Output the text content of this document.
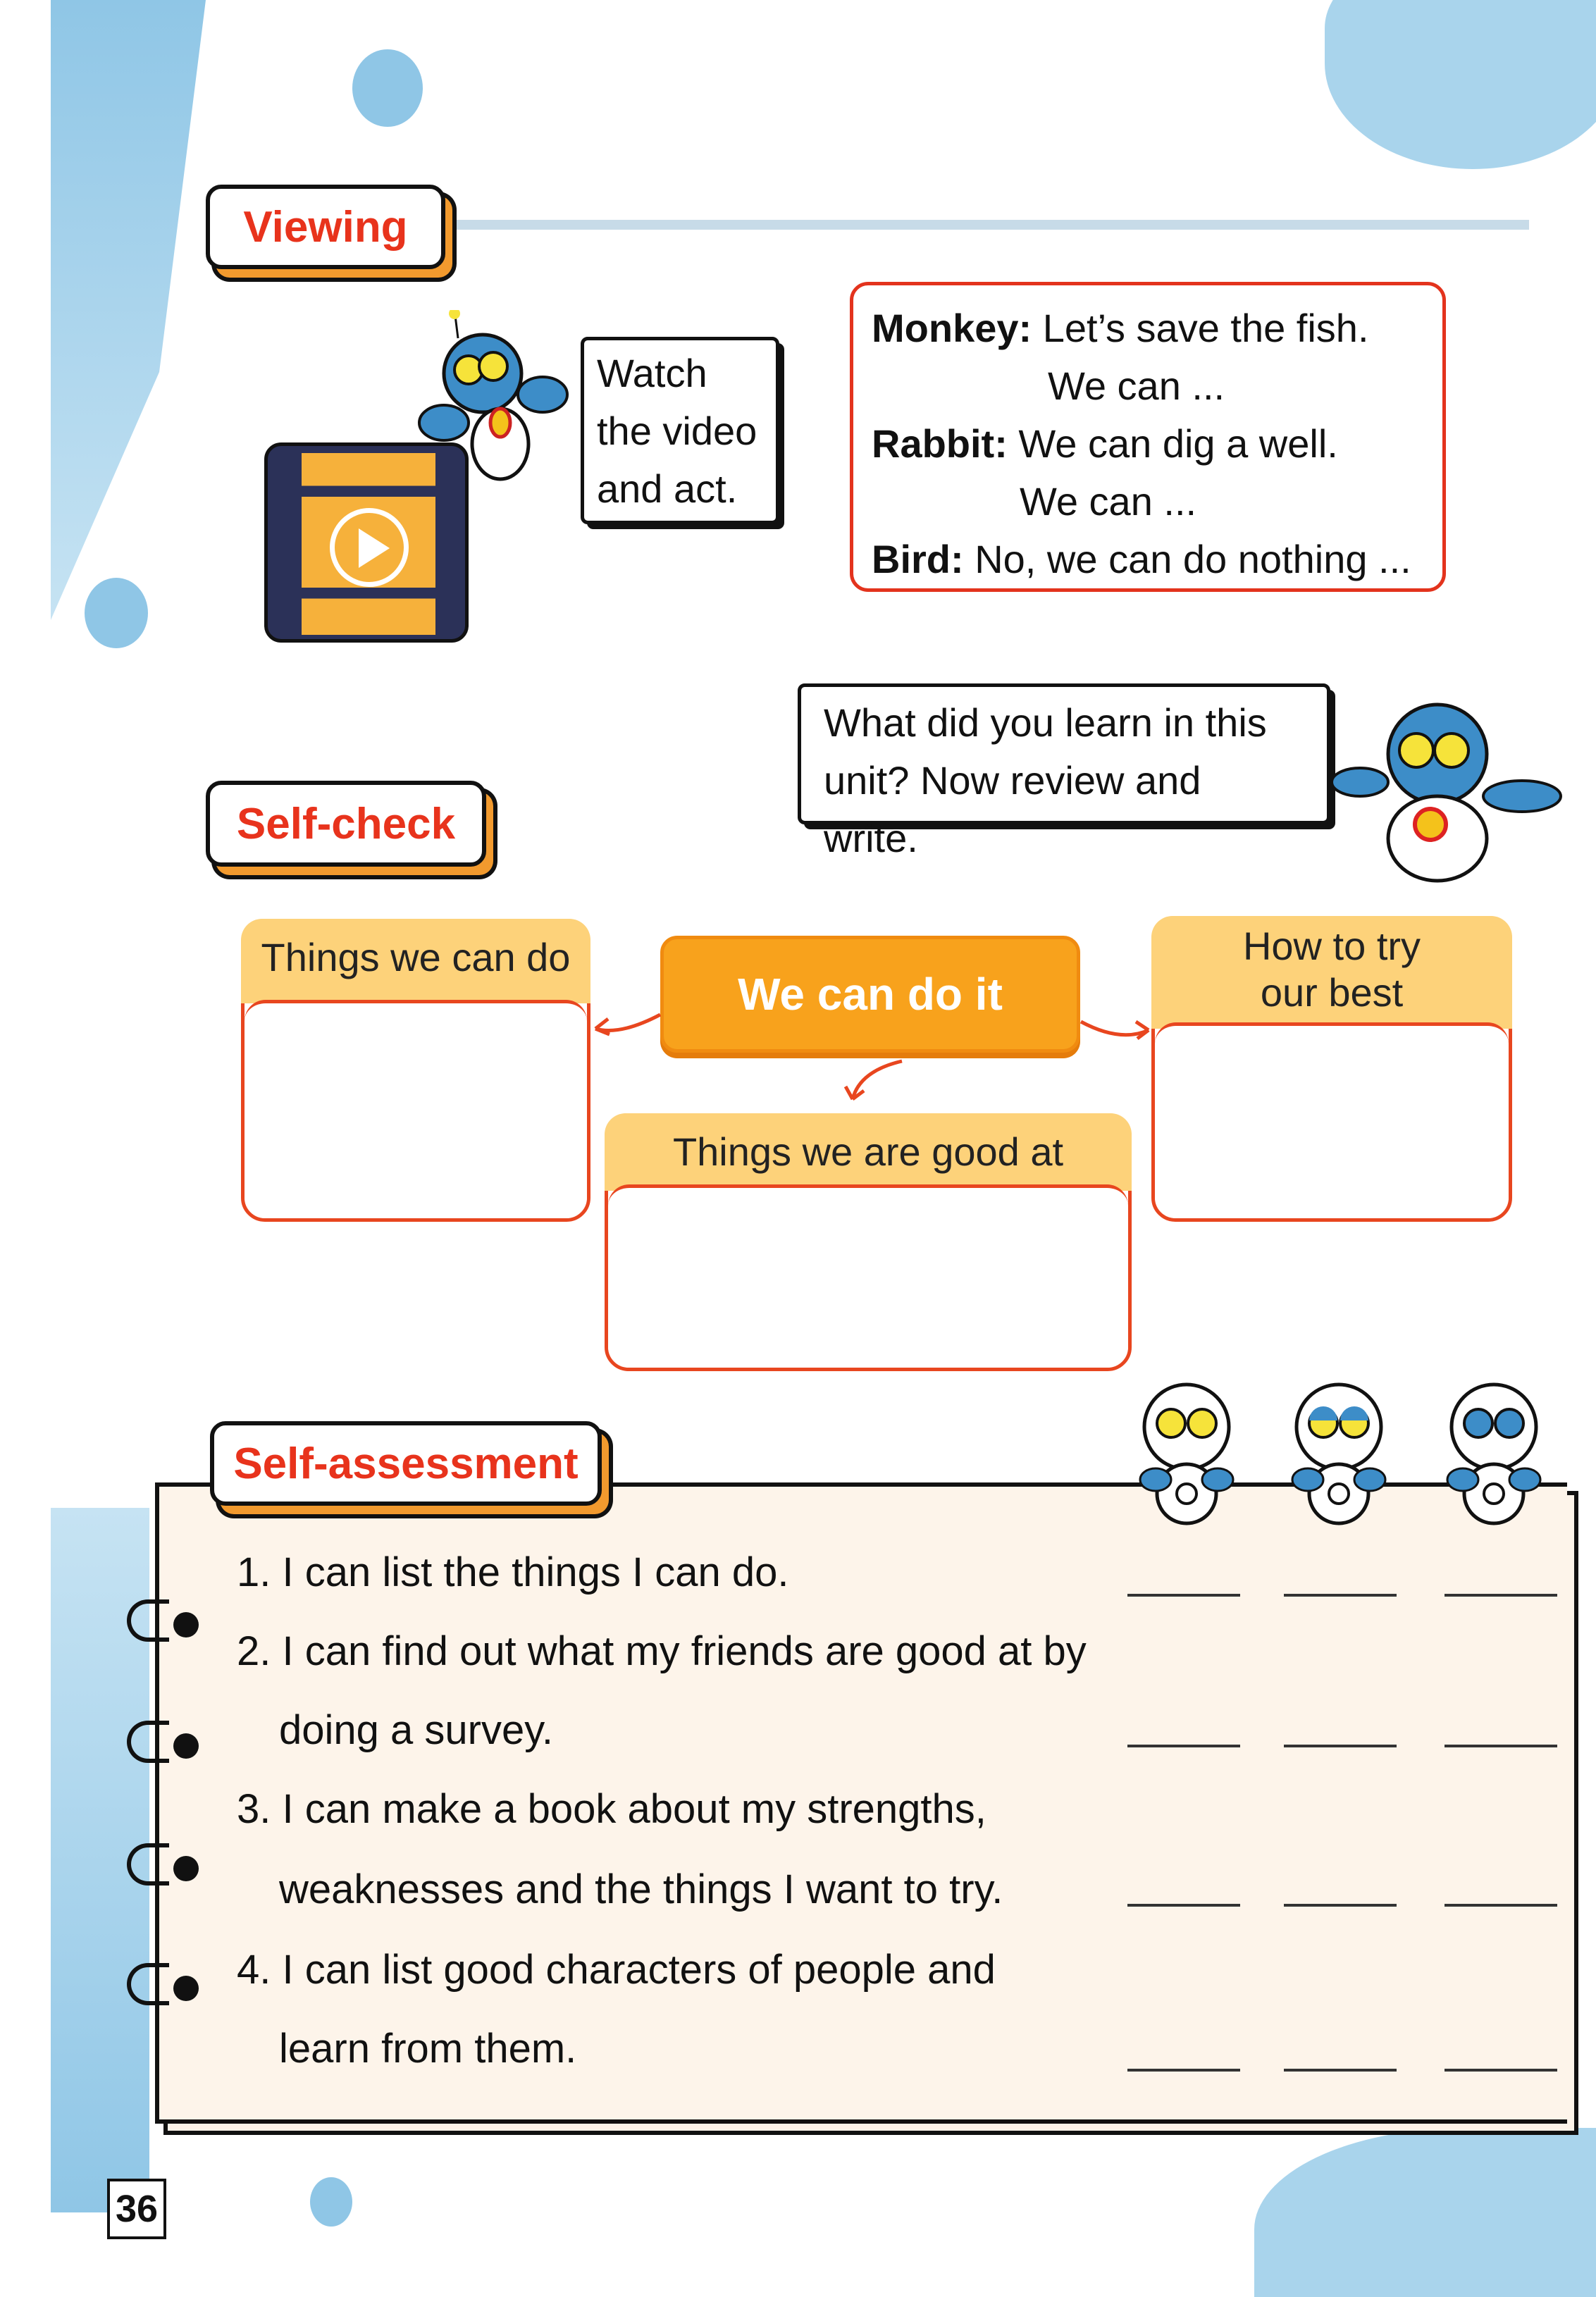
Viewing
Watch
the video
and act.
Monkey: Let’s save the fish.
We can ...
Rabbit: We can dig a well.
We can ...
Bird: No, we can do nothing ...
What did you learn in this
unit? Now review and write.
Self-check
Things we can do
We can do it
How to try
our best
Things we are good at
Self-assessment
1. I can list the things I can do.
2. I can find out what my friends are good at by
doing a survey.
3. I can make a book about my strengths,
weaknesses and the things I want to try.
4. I can list good characters of people and
learn from them.
36
